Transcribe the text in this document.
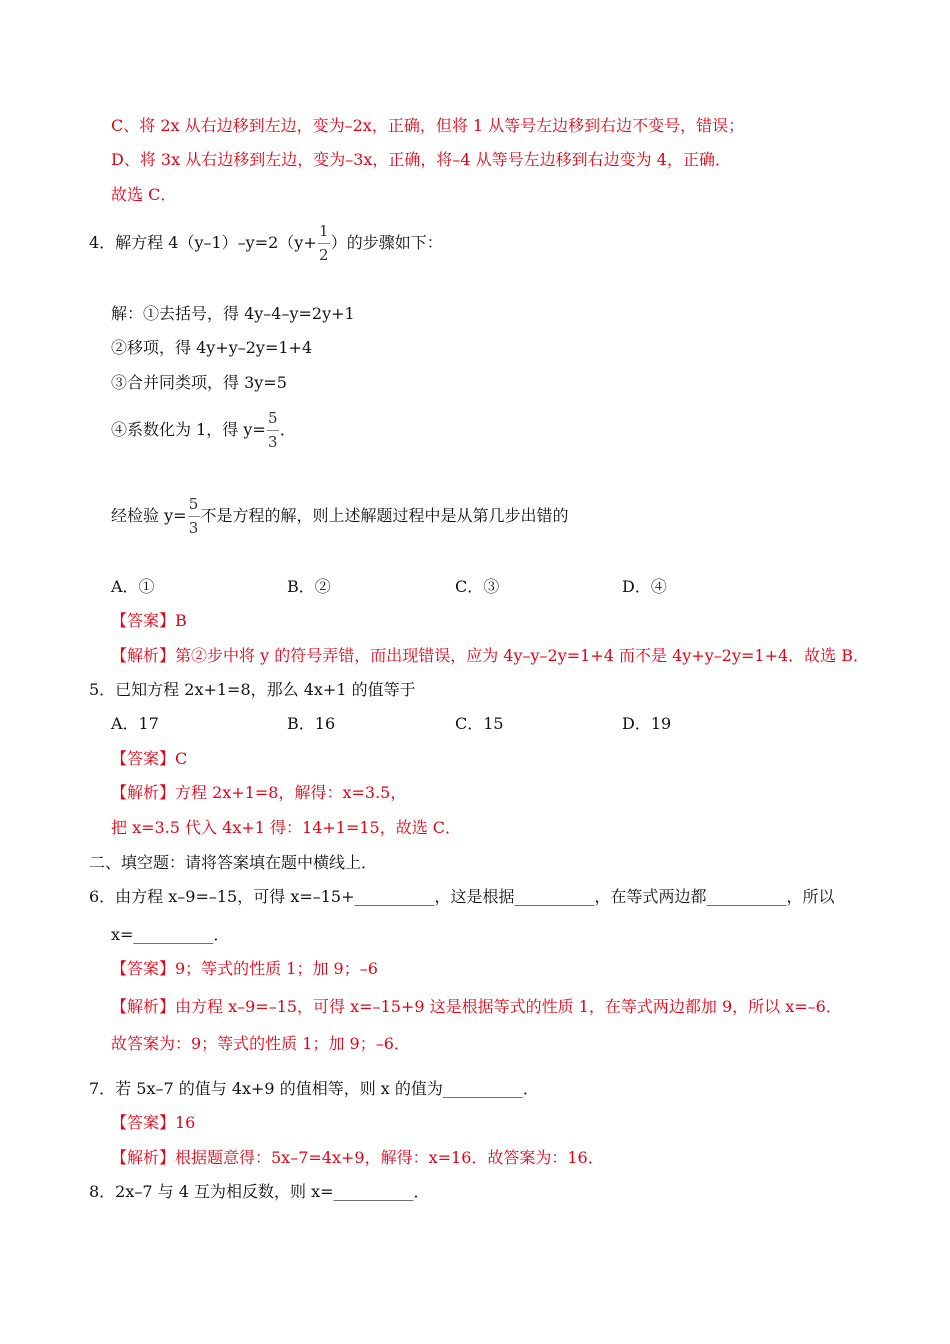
C、将 2x 从右边移到左边，变为–2x，正确，但将 1 从等号左边移到右边不变号，错误；
D、将 3x 从右边移到左边，变为–3x，正确，将–4 从等号左边移到右边变为 4，正确．
故选 C．
4．解方程 $4(y-1)-y=2(y+ \frac{1}{2}$ ）的步骤如下：
解：①去括号，得 4y–4–y=2y+1
②移项，得 4y+y–2y=1+4
③合并同类项，得 3y=5
④系数化为 1，得 $y= \frac{5}{3}$ ．
经检验 $y= \frac{5}{3}$ 不是方程的解，则上述解题过程中是从第几步出错的
A．①	B．②	C．③	D．④
【答案】B
【解析】第②步中将 y 的符号弄错，而出现错误，应为 4y–y–2y=1+4 而不是 4y+y–2y=1+4．故选 B．
5．已知方程 2x+1=8，那么 4x+1 的值等于
A．17	B．16	C．15	D．19
【答案】C
【解析】方程 2x+1=8，解得：x=3.5，
把 x=3.5 代入 4x+1 得：14+1=15，故选 C．
二、填空题：请将答案填在题中横线上．
6．由方程 x–9=–15，可得 x=–15+__________，这是根据__________，在等式两边都__________，所以
x=__________．
【答案】9；等式的性质 1；加 9；–6
【解析】由方程 x–9=–15，可得 x=–15+9 这是根据等式的性质 1，在等式两边都加 9，所以 x=–6．
故答案为：9；等式的性质 1；加 9；–6．
7．若 5x–7 的值与 4x+9 的值相等，则 x 的值为__________．
【答案】16
【解析】根据题意得：5x–7=4x+9，解得：x=16．故答案为：16．
8．2x–7 与 4 互为相反数，则 x=__________．
